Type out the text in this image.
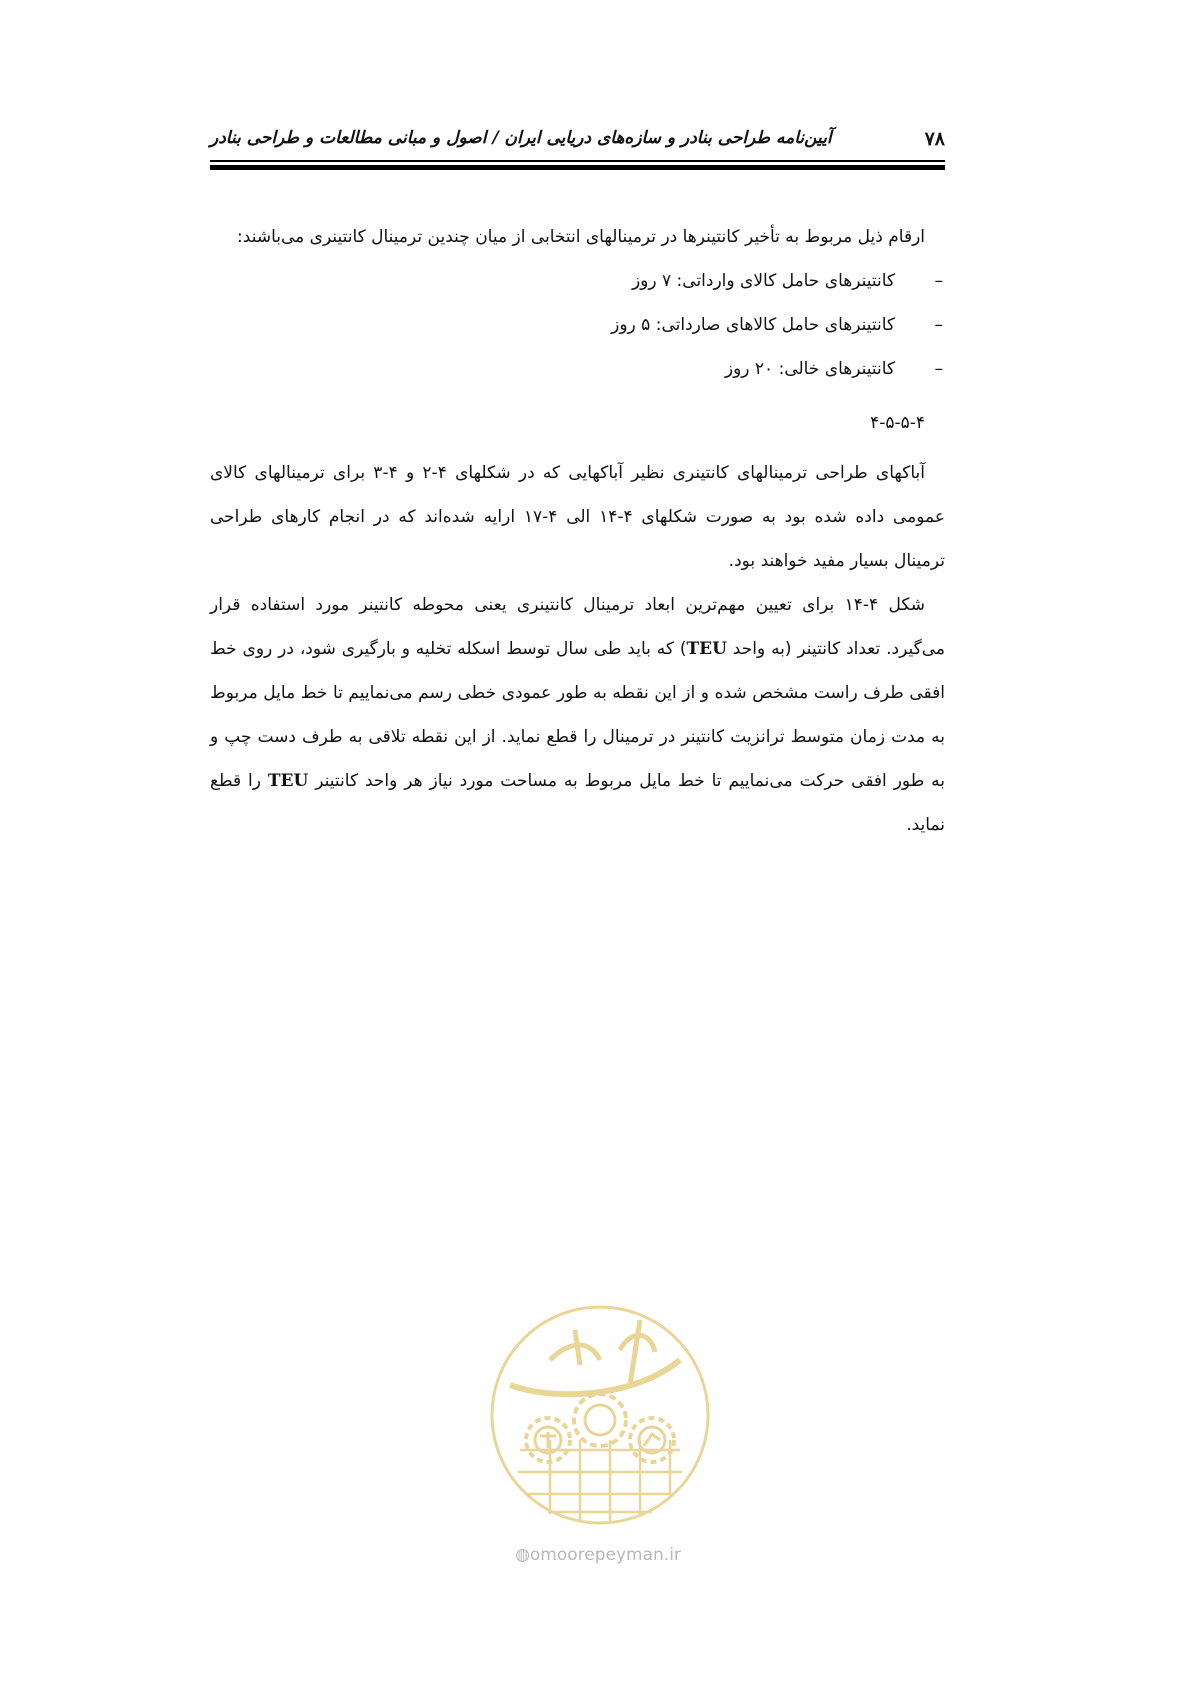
۷۸
آیین‌نامه طراحی بنادر و سازه‌های دریایی ایران / اصول و مبانی مطالعات و طراحی بنادر

ارقام ذیل مربوط به تأخیر کانتینرها در ترمینالهای انتخابی از میان چندین ترمینال کانتینری می‌باشند:

–
کانتینرهای حامل کالای وارداتی: ۷ روز
–
کانتینرهای حامل کالاهای صارداتی: ۵ روز
–
کانتینرهای خالی: ۲۰ روز
۴-۵-۵-۴

آباکهای طراحی ترمینالهای کانتینری نظیر آباکهایی که در شکلهای ۴-۲ و ۴-۳ برای ترمینالهای کالای عمومی داده شده بود به صورت شکلهای ۴-۱۴ الی ۴-۱۷ ارایه شده‌اند که در انجام کارهای طراحی ترمینال بسیار مفید خواهند بود.

شکل ۴-۱۴ برای تعیین مهم‌ترین ابعاد ترمینال کانتینری یعنی محوطه کانتینر مورد استفاده قرار می‌گیرد. تعداد کانتینر (به واحد TEU) که باید طی سال توسط اسکله تخلیه و بارگیری شود، در روی خط افقی طرف راست مشخص شده و از این نقطه به طور عمودی خطی رسم می‌نماییم تا خط مایل مربوط به مدت زمان متوسط ترانزیت کانتینر در ترمینال را قطع نماید. از این نقطه تلاقی به طرف دست چپ و به طور افقی حرکت می‌نماییم تا خط مایل مربوط به مساحت مورد نیاز هر واحد کانتینر TEU را قطع نماید.

◍omoorepeyman.ir
